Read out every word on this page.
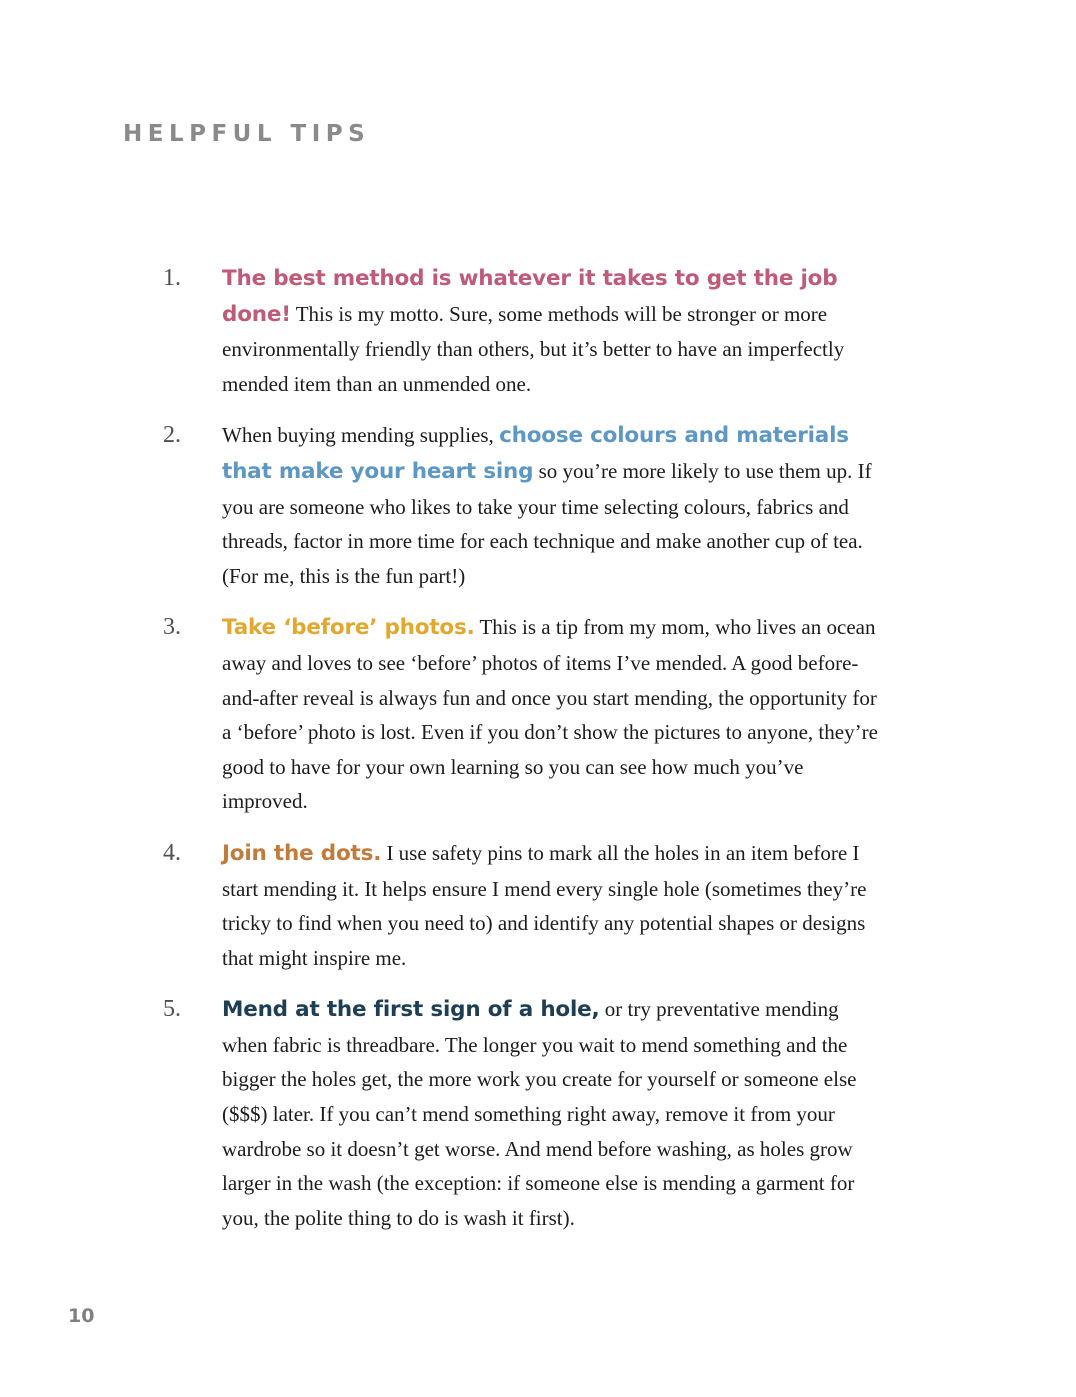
HELPFUL TIPS
1.	The best method is whatever it takes to get the job done! This is my motto. Sure, some methods will be stronger or more environmentally friendly than others, but it’s better to have an imperfectly mended item than an unmended one.

2.	When buying mending supplies, choose colours and materials that make your heart sing so you’re more likely to use them up. If you are someone who likes to take your time selecting colours, fabrics and threads, factor in more time for each technique and make another cup of tea. (For me, this is the fun part!)

3.	Take ‘before’ photos. This is a tip from my mom, who lives an ocean away and loves to see ‘before’ photos of items I’ve mended. A good before-and-after reveal is always fun and once you start mending, the opportunity for a ‘before’ photo is lost. Even if you don’t show the pictures to anyone, they’re good to have for your own learning so you can see how much you’ve improved.

4.	Join the dots. I use safety pins to mark all the holes in an item before I start mending it. It helps ensure I mend every single hole (sometimes they’re tricky to find when you need to) and identify any potential shapes or designs that might inspire me.

5.	Mend at the first sign of a hole, or try preventative mending when fabric is threadbare. The longer you wait to mend something and the bigger the holes get, the more work you create for yourself or someone else ($$$) later. If you can’t mend something right away, remove it from your wardrobe so it doesn’t get worse. And mend before washing, as holes grow larger in the wash (the exception: if someone else is mending a garment for you, the polite thing to do is wash it first).

10
